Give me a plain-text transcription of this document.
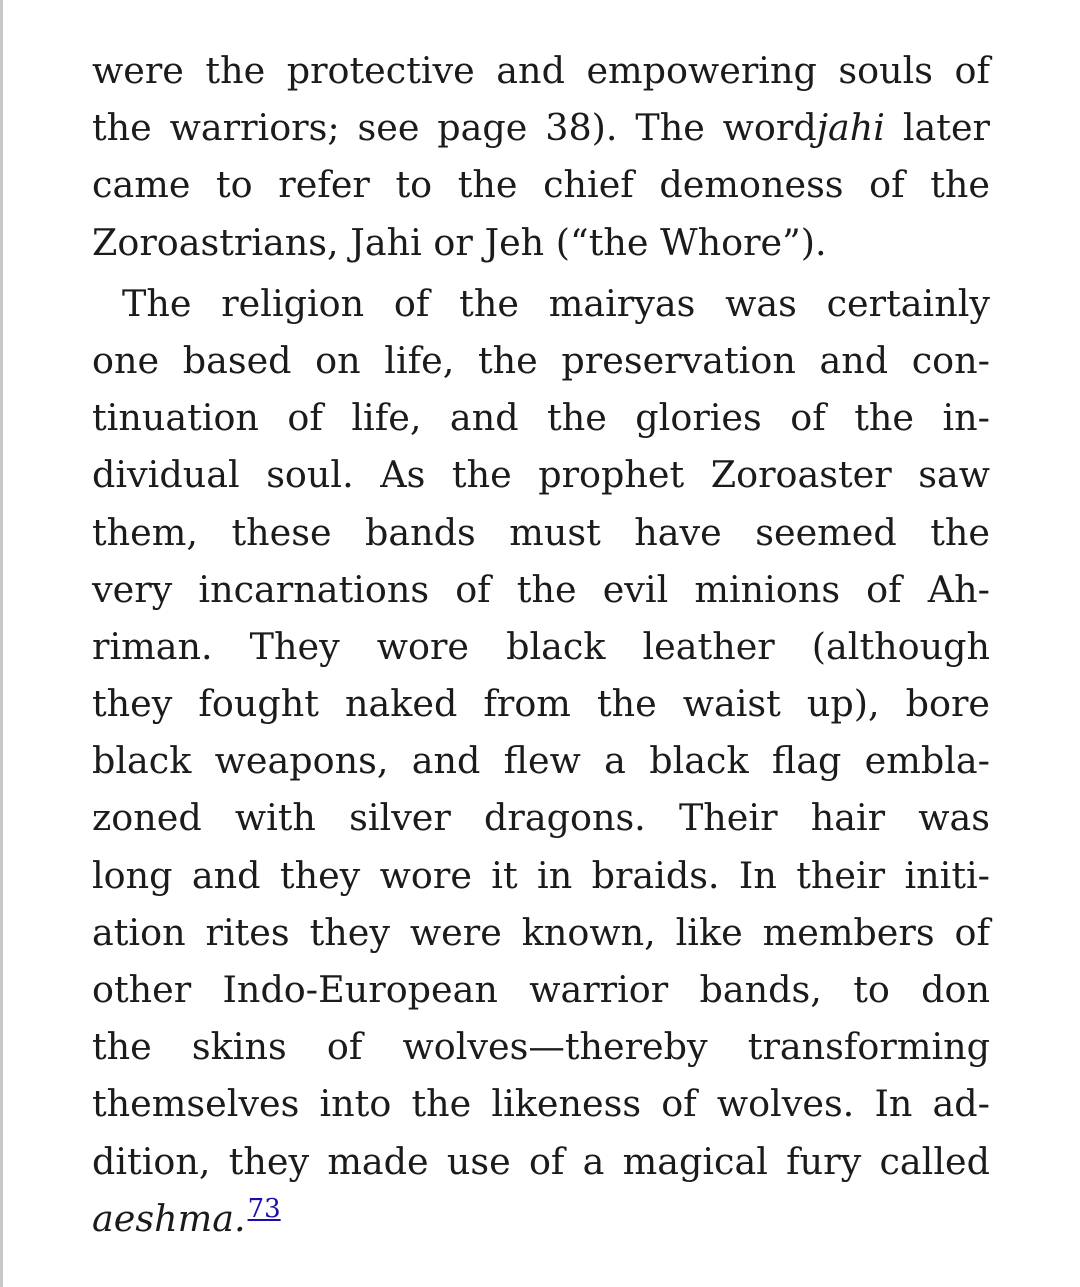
were the protective and empowering souls of
the warriors; see page 38). The wordjahi later
came to refer to the chief demoness of the
Zoroastrians, Jahi or Jeh (“the Whore”).
The religion of the mairyas was certainly
one based on life, the preservation and con-
tinuation of life, and the glories of the in-
dividual soul. As the prophet Zoroaster saw
them, these bands must have seemed the
very incarnations of the evil minions of Ah-
riman. They wore black leather (although
they fought naked from the waist up), bore
black weapons, and flew a black flag embla-
zoned with silver dragons. Their hair was
long and they wore it in braids. In their initi-
ation rites they were known, like members of
other Indo-European warrior bands, to don
the skins of wolves—thereby transforming
themselves into the likeness of wolves. In ad-
dition, they made use of a magical fury called
aeshma.$^{73}$
